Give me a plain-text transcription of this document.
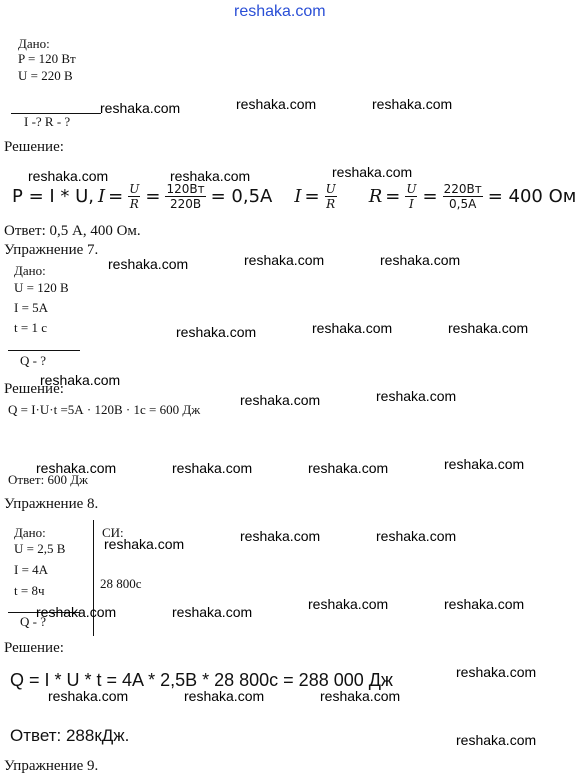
reshaka.com
Дано:
P = 120 Вт
U = 220 В
I -? R - ?
reshaka.com	reshaka.com	reshaka.com
Решение:
reshaka.com	reshaka.com	reshaka.com
P = I * U, $I = \frac{U}{R} = \frac{120Вт}{220В} = 0,5А$ $I = \frac{U}{R}$ $R = \frac{U}{I} = \frac{220Вт}{0,5А} = 400$ Ом
Ответ: 0,5 А, 400 Ом.
Упражнение 7.
Дано:
U = 120 В
I = 5А
t = 1 с
Q - ?
reshaka.com	reshaka.com	reshaka.com
reshaka.com	reshaka.com	reshaka.com
Решение:
reshaka.com
reshaka.com	reshaka.com
Q = I·U·t =5А · 120В · 1с = 600 Дж
reshaka.com	reshaka.com	reshaka.com	reshaka.com
Ответ: 600 Дж
Упражнение 8.
Дано:	СИ:
U = 2,5 В
I = 4А
t = 8ч	28 800с
Q - ?
reshaka.com	reshaka.com	reshaka.com
reshaka.com	reshaka.com	reshaka.com	reshaka.com
Решение:
Q = I * U * t = 4A * 2,5B * 28 800c = 288 000 Дж	reshaka.com
reshaka.com	reshaka.com	reshaka.com
Ответ: 288кДж.	reshaka.com
Упражнение 9.
